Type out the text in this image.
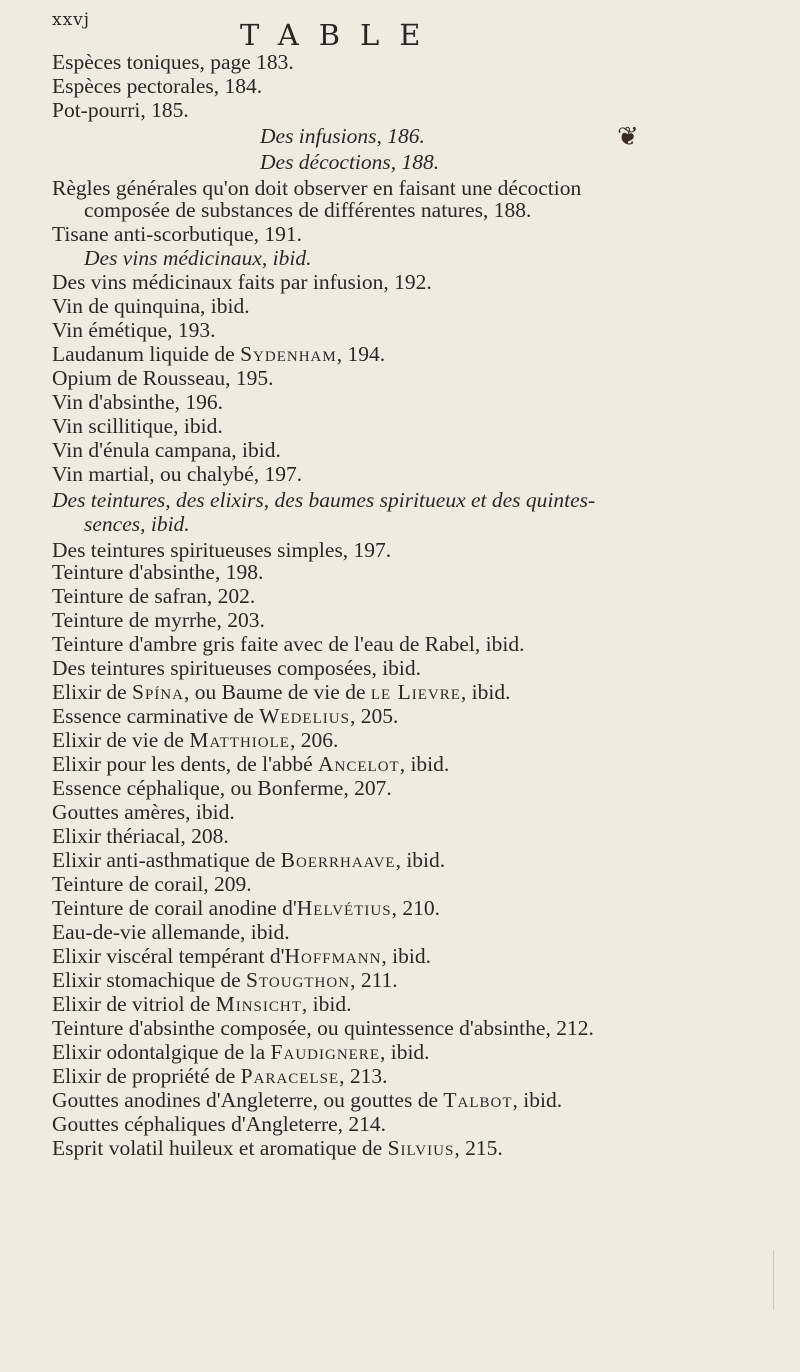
xxvj	TABLE
❦
Espèces toniques, page 183.
Espèces pectorales, 184.
Pot-pourri, 185.
Des infusions, 186.
Des décoctions, 188.
Règles générales qu'on doit observer en faisant une décoction
composée de substances de différentes natures, 188.
Tisane anti-scorbutique, 191.
Des vins médicinaux, ibid.
Des vins médicinaux faits par infusion, 192.
Vin de quinquina, ibid.
Vin émétique, 193.
Laudanum liquide de Sydenham, 194.
Opium de Rousseau, 195.
Vin d'absinthe, 196.
Vin scillitique, ibid.
Vin d'énula campana, ibid.
Vin martial, ou chalybé, 197.
Des teintures, des elixirs, des baumes spiritueux et des quintes-
sences, ibid.
Des teintures spiritueuses simples, 197.
Teinture d'absinthe, 198.
Teinture de safran, 202.
Teinture de myrrhe, 203.
Teinture d'ambre gris faite avec de l'eau de Rabel, ibid.
Des teintures spiritueuses composées, ibid.
Elixir de Spína, ou Baume de vie de le Lievre, ibid.
Essence carminative de Wedelius, 205.
Elixir de vie de Matthiole, 206.
Elixir pour les dents, de l'abbé Ancelot, ibid.
Essence céphalique, ou Bonferme, 207.
Gouttes amères, ibid.
Elixir thériacal, 208.
Elixir anti-asthmatique de Boerrhaave, ibid.
Teinture de corail, 209.
Teinture de corail anodine d'Helvétius, 210.
Eau-de-vie allemande, ibid.
Elixir viscéral tempérant d'Hoffmann, ibid.
Elixir stomachique de Stougthon, 211.
Elixir de vitriol de Minsicht, ibid.
Teinture d'absinthe composée, ou quintessence d'absinthe, 212.
Elixir odontalgique de la Faudignere, ibid.
Elixir de propriété de Paracelse, 213.
Gouttes anodines d'Angleterre, ou gouttes de Talbot, ibid.
Gouttes céphaliques d'Angleterre, 214.
Esprit volatil huileux et aromatique de Silvius, 215.
